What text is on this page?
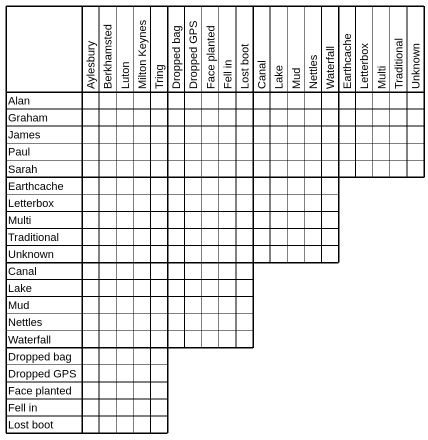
Aylesbury Berkhamsted Luton Milton Keynes Tring Dropped bag Dropped GPS Face planted Fell in Lost boot Canal Lake Mud Nettles Waterfall Earthcache Letterbox Multi Traditional Unknown
Alan
Graham
James
Paul
Sarah
Earthcache
Letterbox
Multi
Traditional
Unknown
Canal
Lake
Mud
Nettles
Waterfall
Dropped bag
Dropped GPS
Face planted
Fell in
Lost boot
